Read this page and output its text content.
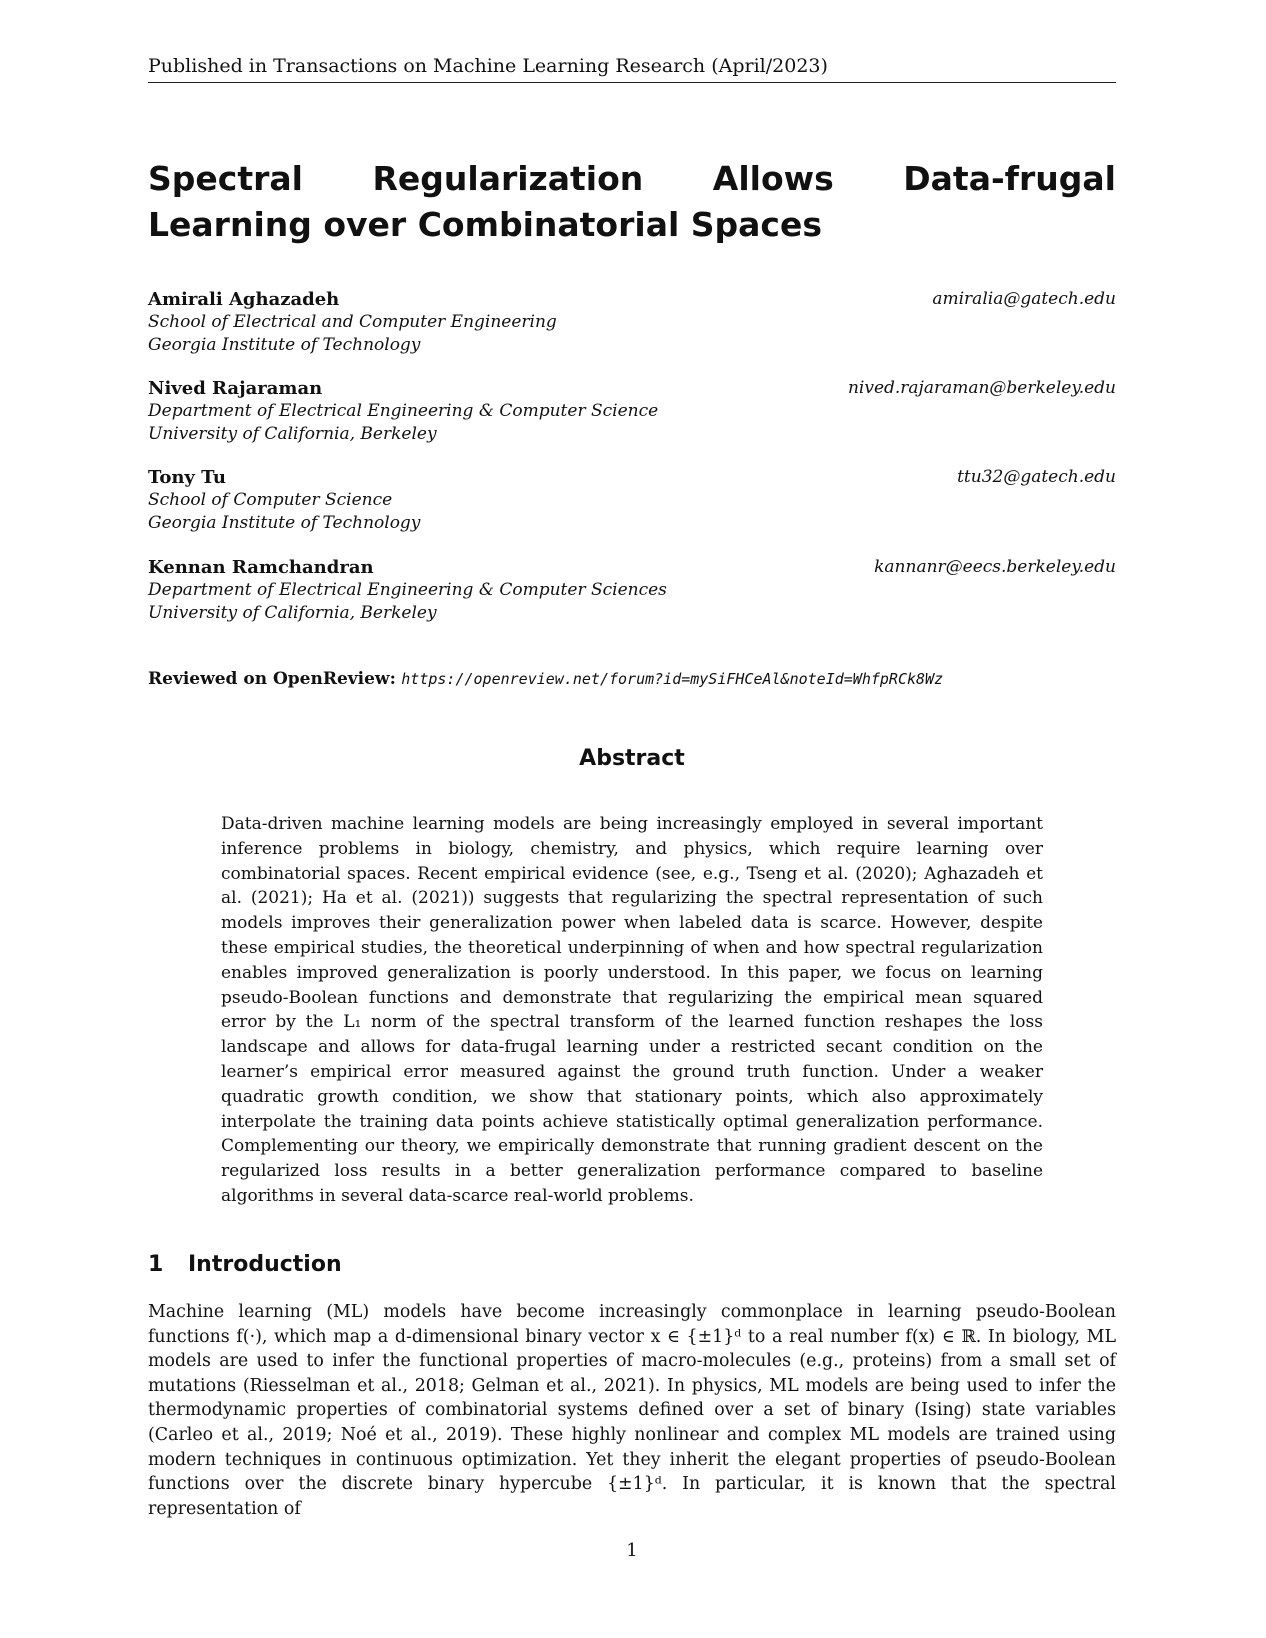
Published in Transactions on Machine Learning Research (April/2023)
Spectral Regularization Allows Data-frugal Learning over Combinatorial Spaces
Amirali Aghazadeh	amiralia@gatech.edu
School of Electrical and Computer Engineering
Georgia Institute of Technology
Nived Rajaraman	nived.rajaraman@berkeley.edu
Department of Electrical Engineering & Computer Science
University of California, Berkeley
Tony Tu	ttu32@gatech.edu
School of Computer Science
Georgia Institute of Technology
Kennan Ramchandran	kannanr@eecs.berkeley.edu
Department of Electrical Engineering & Computer Sciences
University of California, Berkeley
Reviewed on OpenReview: https://openreview.net/forum?id=mySiFHCeAl&noteId=WhfpRCk8Wz
Abstract
Data-driven machine learning models are being increasingly employed in several important inference problems in biology, chemistry, and physics, which require learning over combinatorial spaces. Recent empirical evidence (see, e.g., Tseng et al. (2020); Aghazadeh et al. (2021); Ha et al. (2021)) suggests that regularizing the spectral representation of such models improves their generalization power when labeled data is scarce. However, despite these empirical studies, the theoretical underpinning of when and how spectral regularization enables improved generalization is poorly understood. In this paper, we focus on learning pseudo-Boolean functions and demonstrate that regularizing the empirical mean squared error by the L₁ norm of the spectral transform of the learned function reshapes the loss landscape and allows for data-frugal learning under a restricted secant condition on the learner’s empirical error measured against the ground truth function. Under a weaker quadratic growth condition, we show that stationary points, which also approximately interpolate the training data points achieve statistically optimal generalization performance. Complementing our theory, we empirically demonstrate that running gradient descent on the regularized loss results in a better generalization performance compared to baseline algorithms in several data-scarce real-world problems.
1 Introduction
Machine learning (ML) models have become increasingly commonplace in learning pseudo-Boolean functions f(·), which map a d-dimensional binary vector x ∈ {±1}ᵈ to a real number f(x) ∈ ℝ. In biology, ML models are used to infer the functional properties of macro-molecules (e.g., proteins) from a small set of mutations (Riesselman et al., 2018; Gelman et al., 2021). In physics, ML models are being used to infer the thermodynamic properties of combinatorial systems defined over a set of binary (Ising) state variables (Carleo et al., 2019; Noé et al., 2019). These highly nonlinear and complex ML models are trained using modern techniques in continuous optimization. Yet they inherit the elegant properties of pseudo-Boolean functions over the discrete binary hypercube {±1}ᵈ. In particular, it is known that the spectral representation of
1
